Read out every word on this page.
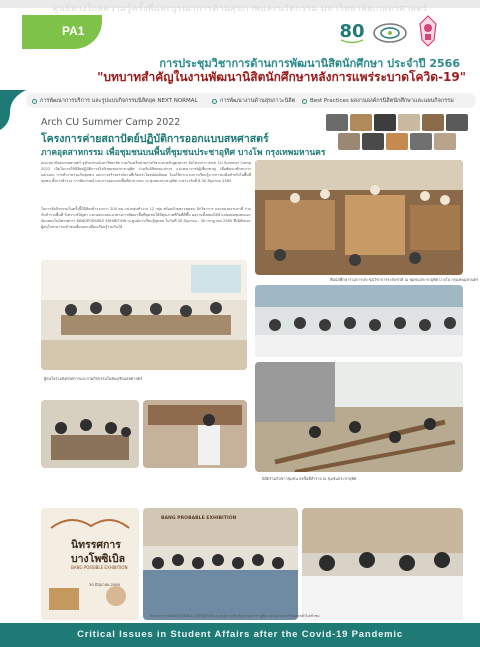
ศูนย์ห่างไกลความรู้ครั้งที่และบูรณาการด้านสุขภาพและนวัตกรรม มหาวิทยาลัยเกษตรศาสตร์
PA1	80
การประชุมวิชาการด้านการพัฒนานิสิตนักศึกษา ประจำปี 2566
"บทบาทสำคัญในงานพัฒนานิสิตนักศึกษาหลังการแพร่ระบาดโควิด-19"
การพัฒนาการบริการ และรูปแบบกิจกรรมนิสิตยุค NEXT NORMAL	การพัฒนางานด้านสุขภาวะนิสิต	Best Practices ผลงานองค์กรนิสิตนักศึกษาและแผนกิจกรรม
Arch CU Summer Camp 2022
โครงการค่ายสถาปัตย์ปฏิบัติการออกแบบสหศาสตร์
ภาคอุตสาหกรรม เพื่อชุมชนบนพื้นที่ชุมชนประชาอุทิศ บางโพ กรุงเทพมหานคร
คณะสถาปัตยกรรมศาสตร์ จุฬาลงกรณ์มหาวิทยาลัย ร่วมกับเครือข่ายภาควิชาและหลักสูตรต่างๆ จัดโครงการ Arch CU Summer Camp 2022 เปิดโอกาสให้นิสิตปฏิบัติการจริงกับชุมชนประชาอุทิศ ร่วมกับนิสิตคณะต่างๆ และคณาจารย์ผู้เชี่ยวชาญ เพื่อพัฒนาทักษะการออกแบบ การทำงานร่วมกับชุมชน และการสร้างสรรค์งานที่เกิดประโยชน์ต่อสังคม โดยใช้กระบวนการเรียนรู้จากการลงมือทำจริงในพื้นที่ชุมชน ทั้งการสำรวจ การสัมภาษณ์ และการออกแบบพื้นที่สาธารณะ ณ ชุมชนประชาอุทิศ ระหว่างวันที่ 8-30 มิถุนายน 2565
ในการจัดกิจกรรมในครั้งนี้มีนิสิตเข้าร่วมกว่า 200 คน แบ่งกลุ่มทำงาน 12 กลุ่ม พร้อมด้วยชาวชุมชน นักวิชาการ และหน่วยงานภาคี ร่วมกันสำรวจพื้นที่ วิเคราะห์ปัญหา และออกแบบแนวทางการพัฒนาพื้นที่ชุมชนให้มีคุณภาพชีวิตที่ดีขึ้น ผลงานทั้งหมดได้นำเสนอต่อชุมชนและจัดแสดงในนิทรรศการ BANGPOSSIBLE EXHIBITION ณ ศูนย์การเรียนรู้ชุมชน ในวันที่ 30 มิถุนายน - 30 กรกฎาคม 2565 ซึ่งนิสิตและผู้สนใจสามารถเข้าชมเพื่อแลกเปลี่ยนเรียนรู้ร่วมกันได้
ทีมนักศึกษาร่วมการประชุมวิชาการระดับชาติ ณ ชุมชนประชาอุทิศ บางโพ กรุงเทพมหานคร
นิทรรศการ
บางโพซิเบิล
BANG POSSIBLE EXHIBITION
30 มิถุนายน 2565
BANG PROBABLE EXHIBITION
ผู้สนใจร่วมนิทรรศการและร่วมกิจกรรมในห้องเรียนสหศาสตร์
นิสิตร่วมกับชาวชุมชน ลงพื้นที่สำรวจ ณ ชุมชนประชาอุทิศ
นิทรรศการ BANGPOSSIBLE EXHIBITION ณ ศูนย์การเรียนรู้ชุมชนประชาอุทิศ และเปิดโอกาสให้บุคคลทั่วไปเข้าชม
Critical Issues in Student Affairs after the Covid-19 Pandemic
